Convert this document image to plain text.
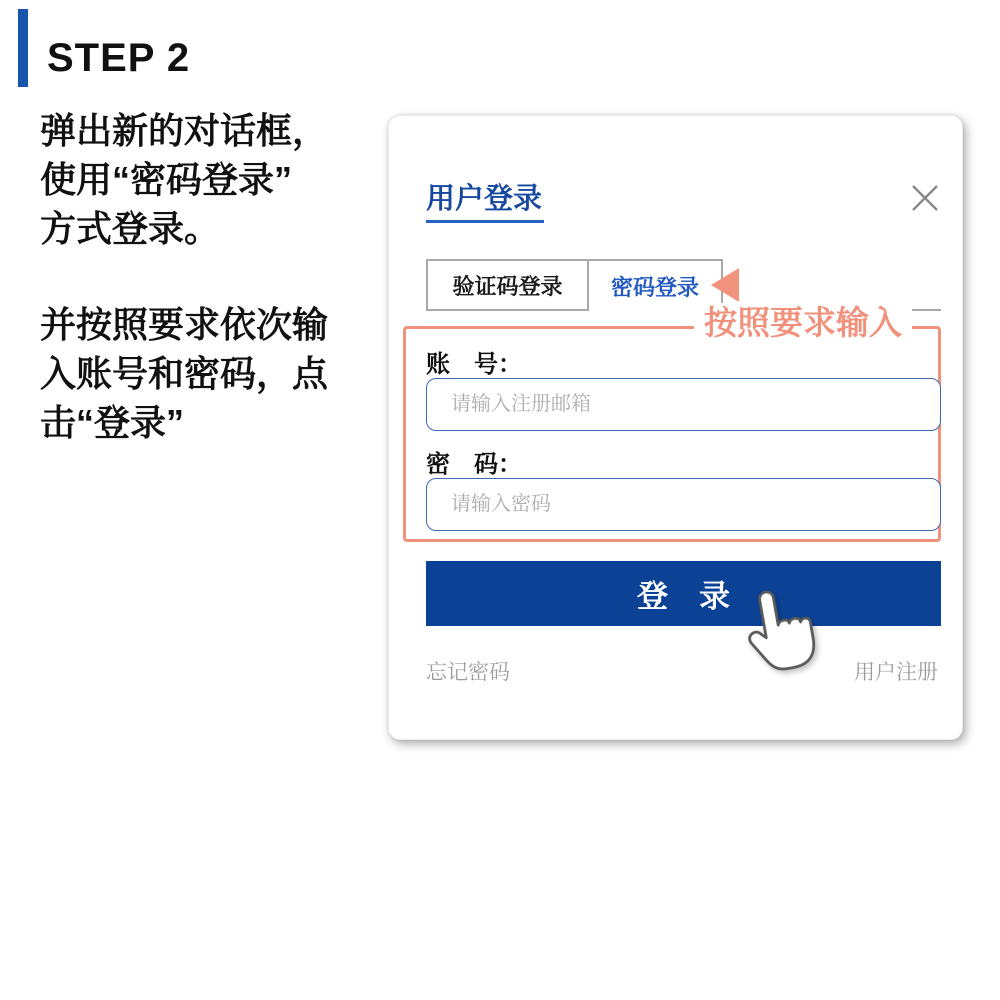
STEP 2
弹出新的对话框，
使用“密码登录”
方式登录。
并按照要求依次输
入账号和密码，点
击“登录”
用户登录
验证码登录 密码登录
按照要求输入
账　号：
请输入注册邮箱
密　码：
请输入密码
登　录
忘记密码	用户注册
